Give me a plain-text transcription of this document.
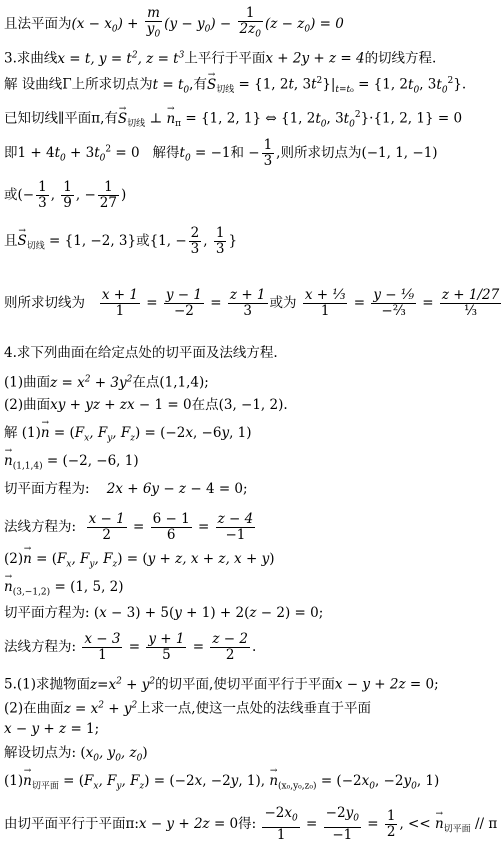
且法平面为$(x - x_0) + \frac{m}{y_0} (y - y_0) - \frac{1}{2z_0} (z - z_0) = 0$
3.求曲线x = t, $y = t^2$, $z = t^3$上平行于平面x + 2y + z = 4的切线方程.
解 设曲线Γ上所求切点为$t = t_0$,有→ $S_{切线} = \{1$, 2t, $3t^2\}|_{t=t_0} = \{1$, $2t_0$, $3t_0^2$}.
已知切线∥平面π,有→ $S_{切线}$ ⊥ → $n_\pi = \{1$, 2, 1} ⇔ {1, $2t_0$, $3t_0^2\}\cdot\{1$, 2, 1} = 0
即$1 + 4t_0 + 3t_0^2 = 0$   解得$t_0 = -1$和 − $\frac{1}{3}$ ,则所求切点为(−1, 1, −1)
或(− $\frac{1}{3}$ , $\frac{1}{9}$ , − $\frac{1}{27}$ )
且→ $S_{切线} = \{1$, −2, 3}或{1, − $\frac{2}{3}$ , $\frac{1}{3}$ }
则所求切线为 $\frac{x + 1}{1} = \frac{y - 1}{-2} = \frac{z + 1}{3}$ 或为 $\frac{\text{x + ⅓}}{1} = \frac{\text{y − ⅑}}{\text{−⅔}} = \frac{z + 1/27}{\text{⅓}}$
4.求下列曲面在给定点处的切平面及法线方程.
(1)曲面$z = x^2 + 3y^2$在点(1,1,4);
(2)曲面xy + yz + zx − 1 = 0在点(3, −1, 2).
解 $(1)\to n = (F_x$, $F_y$, $F_z) = (-2x$, −6y, 1)
→ $n_{(1,1,4)} = (-2$, −6, 1)
切平面方程为:    2x + 6y − z − 4 = 0;
法线方程为: $\frac{x - 1}{2} = \frac{6 - 1}{6} = \frac{z - 4}{-1}$
$(2)\to n = (F_x$, $F_y$, $F_z) = (y + z$, x + z, x + y)
→ $n_{(3,-1,2)} = (1$, 5, 2)
切平面方程为: (x − 3) + 5(y + 1) + 2(z − 2) = 0;
法线方程为: $\frac{x - 3}{1} = \frac{y + 1}{5} = \frac{z - 2}{2}$ .
5.(1)求抛物面$z=x^2 + y^2$的切平面,使切平面平行于平面x − y + 2z = 0;
(2)在曲面$z = x^2 + y^2$上求一点,使这一点处的法线垂直于平面
x − y + z = 1;
解设切点为: ($x_0$, $y_0$, $z_0$)
$(1)\to n_{切平面} = (F_x$, $F_y$, $F_z) = (-2x$, −2y, 1), → $n_{(x_0,y_0,z_0)} = (-2x_0$, $-2y_0$, 1)
由切平面平行于平面π:x − y + 2z = 0得: $\frac{-2x_0}{1} = \frac{-2y_0}{-1} = \frac{1}{2}$ , << → $n_{切平面}$ // π
